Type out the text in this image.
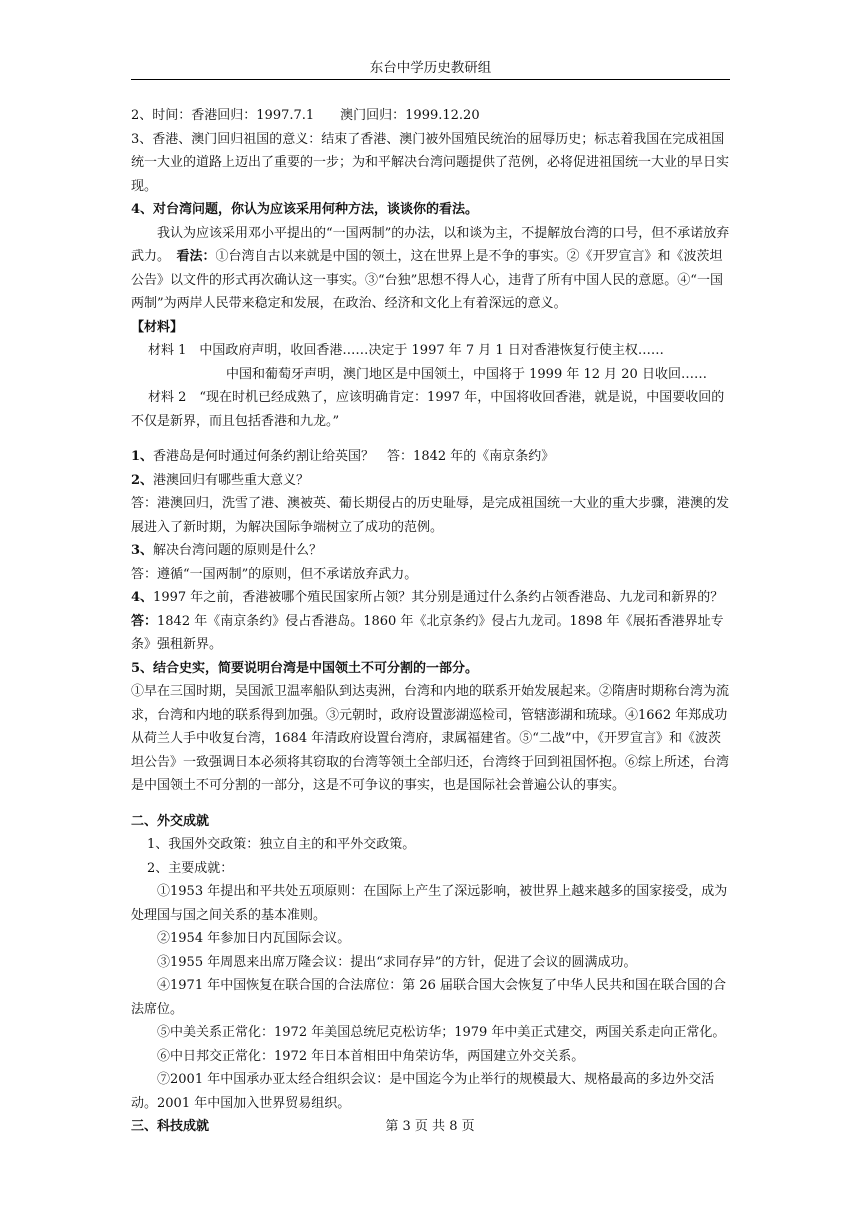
东台中学历史教研组

2、时间：香港回归：1997.7.1　　澳门回归：1999.12.20

3、香港、澳门回归祖国的意义：结束了香港、澳门被外国殖民统治的屈辱历史；标志着我国在完成祖国统一大业的道路上迈出了重要的一步；为和平解决台湾问题提供了范例，必将促进祖国统一大业的早日实现。

4、对台湾问题，你认为应该采用何种方法，谈谈你的看法。

我认为应该采用邓小平提出的“一国两制”的办法，以和谈为主，不提解放台湾的口号，但不承诺放弃武力。　看法：①台湾自古以来就是中国的领土，这在世界上是不争的事实。②《开罗宣言》和《波茨坦公告》以文件的形式再次确认这一事实。③“台独”思想不得人心，违背了所有中国人民的意愿。④“一国两制”为两岸人民带来稳定和发展，在政治、经济和文化上有着深远的意义。

【材料】

材料 1　中国政府声明，收回香港……决定于 1997 年 7 月 1 日对香港恢复行使主权……

中国和葡萄牙声明，澳门地区是中国领土，中国将于 1999 年 12 月 20 日收回……

材料 2　“现在时机已经成熟了，应该明确肯定：1997 年，中国将收回香港，就是说，中国要收回的不仅是新界，而且包括香港和九龙。”

1、香港岛是何时通过何条约割让给英国？　答：1842 年的《南京条约》

2、港澳回归有哪些重大意义？

答：港澳回归，洗雪了港、澳被英、葡长期侵占的历史耻辱，是完成祖国统一大业的重大步骤，港澳的发展进入了新时期，为解决国际争端树立了成功的范例。

3、解决台湾问题的原则是什么？

答：遵循“一国两制”的原则，但不承诺放弃武力。

4、1997 年之前，香港被哪个殖民国家所占领？其分别是通过什么条约占领香港岛、九龙司和新界的？

答：1842 年《南京条约》侵占香港岛。1860 年《北京条约》侵占九龙司。1898 年《展拓香港界址专条》强租新界。

5、结合史实，简要说明台湾是中国领土不可分割的一部分。

①早在三国时期，吴国派卫温率船队到达夷洲，台湾和内地的联系开始发展起来。②隋唐时期称台湾为流求，台湾和内地的联系得到加强。③元朝时，政府设置澎湖巡检司，管辖澎湖和琉球。④1662 年郑成功从荷兰人手中收复台湾，1684 年清政府设置台湾府，隶属福建省。⑤“二战”中，《开罗宣言》和《波茨坦公告》一致强调日本必须将其窃取的台湾等领土全部归还，台湾终于回到祖国怀抱。⑥综上所述，台湾是中国领土不可分割的一部分，这是不可争议的事实，也是国际社会普遍公认的事实。

二、外交成就

1、我国外交政策：独立自主的和平外交政策。

2、主要成就：

①1953 年提出和平共处五项原则：在国际上产生了深远影响，被世界上越来越多的国家接受，成为处理国与国之间关系的基本准则。

②1954 年参加日内瓦国际会议。

③1955 年周恩来出席万隆会议：提出“求同存异”的方针，促进了会议的圆满成功。

④1971 年中国恢复在联合国的合法席位：第 26 届联合国大会恢复了中华人民共和国在联合国的合法席位。

⑤中美关系正常化：1972 年美国总统尼克松访华；1979 年中美正式建交，两国关系走向正常化。

⑥中日邦交正常化：1972 年日本首相田中角荣访华，两国建立外交关系。

⑦2001 年中国承办亚太经合组织会议：是中国迄今为止举行的规模最大、规格最高的多边外交活动。2001 年中国加入世界贸易组织。

三、科技成就	第 3 页 共 8 页
